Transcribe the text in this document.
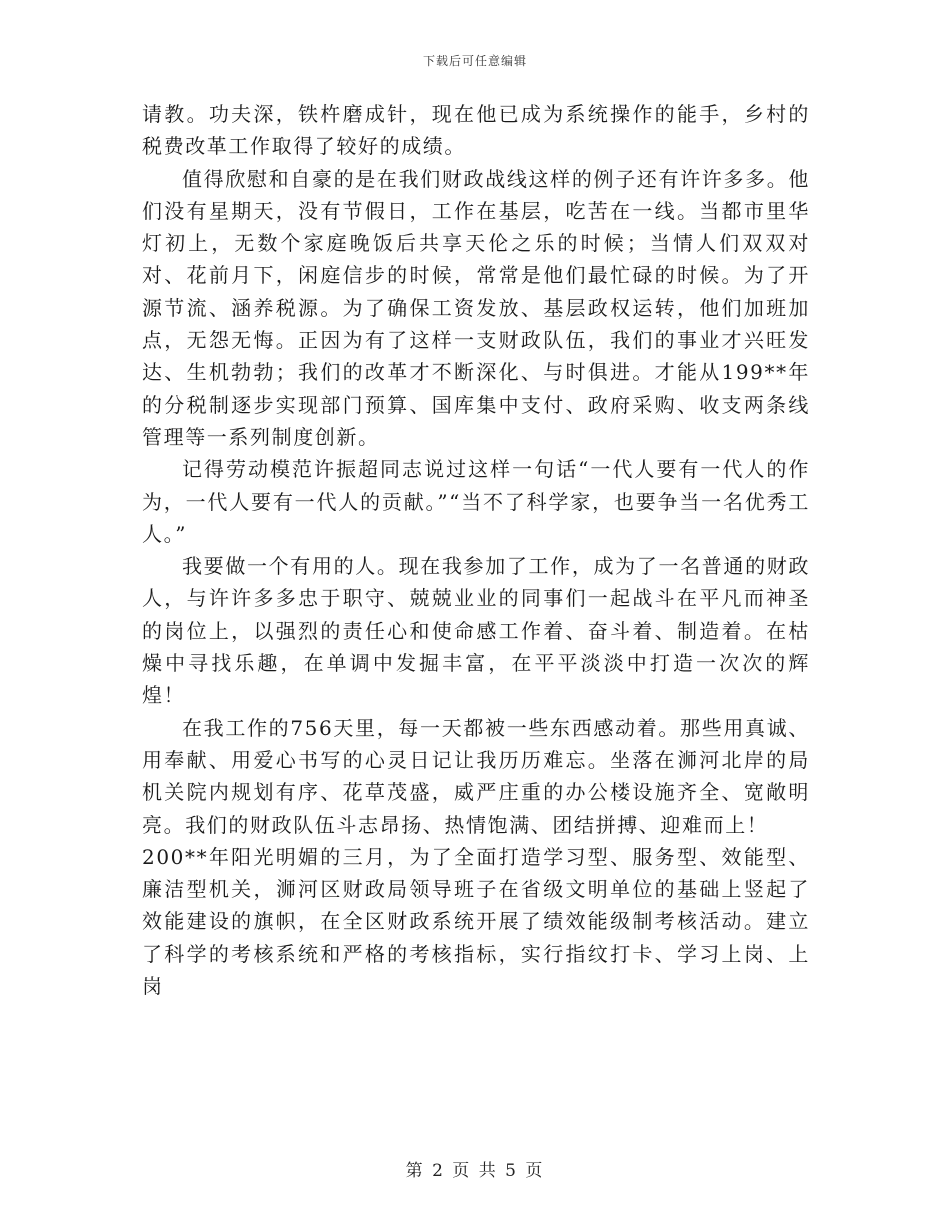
下载后可任意编辑

请教。功夫深，铁杵磨成针，现在他已成为系统操作的能手，乡村的税费改革工作取得了较好的成绩。

值得欣慰和自豪的是在我们财政战线这样的例子还有许许多多。他们没有星期天，没有节假日，工作在基层，吃苦在一线。当都市里华灯初上，无数个家庭晚饭后共享天伦之乐的时候；当情人们双双对对、花前月下，闲庭信步的时候，常常是他们最忙碌的时候。为了开源节流、涵养税源。为了确保工资发放、基层政权运转，他们加班加点，无怨无悔。正因为有了这样一支财政队伍，我们的事业才兴旺发达、生机勃勃；我们的改革才不断深化、与时俱进。才能从199**年的分税制逐步实现部门预算、国库集中支付、政府采购、收支两条线管理等一系列制度创新。

记得劳动模范许振超同志说过这样一句话“一代人要有一代人的作为，一代人要有一代人的贡献。”“当不了科学家，也要争当一名优秀工人。”

我要做一个有用的人。现在我参加了工作，成为了一名普通的财政人，与许许多多忠于职守、兢兢业业的同事们一起战斗在平凡而神圣的岗位上，以强烈的责任心和使命感工作着、奋斗着、制造着。在枯燥中寻找乐趣，在单调中发掘丰富，在平平淡淡中打造一次次的辉煌！

在我工作的756天里，每一天都被一些东西感动着。那些用真诚、用奉献、用爱心书写的心灵日记让我历历难忘。坐落在浉河北岸的局机关院内规划有序、花草茂盛，威严庄重的办公楼设施齐全、宽敞明亮。我们的财政队伍斗志昂扬、热情饱满、团结拼搏、迎难而上！

200**年阳光明媚的三月，为了全面打造学习型、服务型、效能型、廉洁型机关，浉河区财政局领导班子在省级文明单位的基础上竖起了效能建设的旗帜，在全区财政系统开展了绩效能级制考核活动。建立了科学的考核系统和严格的考核指标，实行指纹打卡、学习上岗、上岗

第 2 页 共 5 页
